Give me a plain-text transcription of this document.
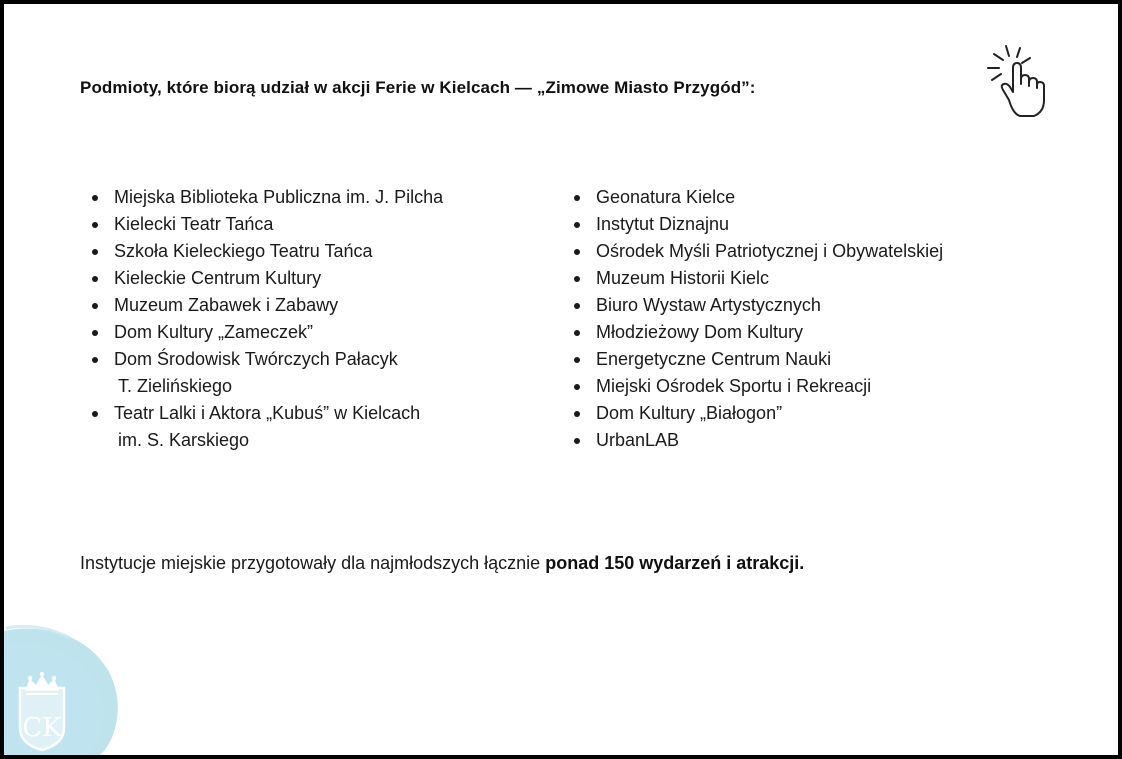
Podmioty, które biorą udział w akcji Ferie w Kielcach — „Zimowe Miasto Przygód”:
Miejska Biblioteka Publiczna im. J. Pilcha
Kielecki Teatr Tańca
Szkoła Kieleckiego Teatru Tańca
Kieleckie Centrum Kultury
Muzeum Zabawek i Zabawy
Dom Kultury „Zameczek”
Dom Środowisk Twórczych Pałacyk
T. Zielińskiego
Teatr Lalki i Aktora „Kubuś” w Kielcach
im. S. Karskiego
Geonatura Kielce
Instytut Diznajnu
Ośrodek Myśli Patriotycznej i Obywatelskiej
Muzeum Historii Kielc
Biuro Wystaw Artystycznych
Młodzieżowy Dom Kultury
Energetyczne Centrum Nauki
Miejski Ośrodek Sportu i Rekreacji
Dom Kultury „Białogon”
UrbanLAB

Instytucje miejskie przygotowały dla najmłodszych łącznie ponad 150 wydarzeń i atrakcji.

CK
